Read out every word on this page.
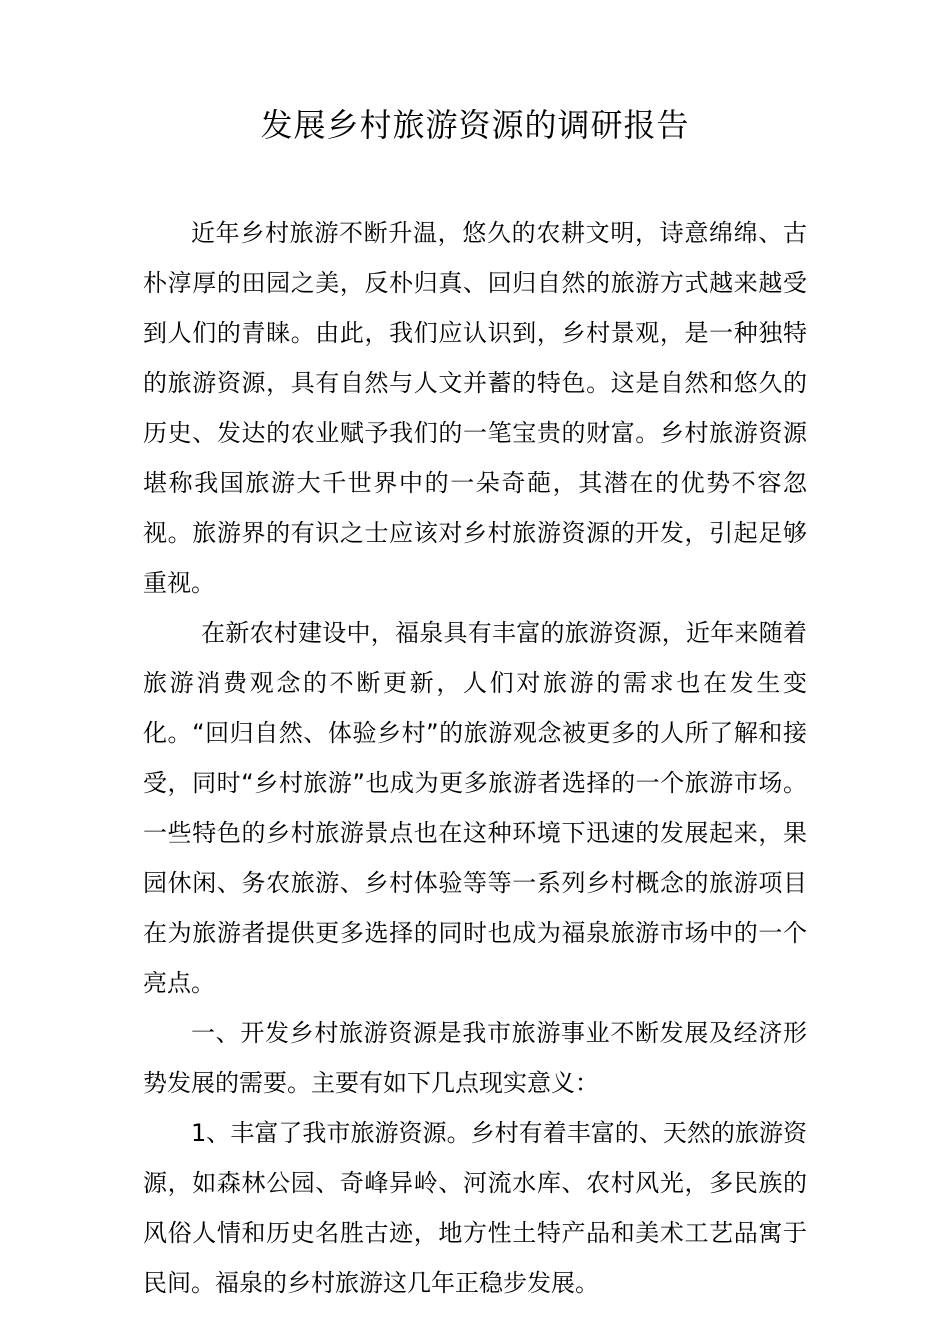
发展乡村旅游资源的调研报告

近年乡村旅游不断升温，悠久的农耕文明，诗意绵绵、古朴淳厚的田园之美，反朴归真、回归自然的旅游方式越来越受到人们的青睐。由此，我们应认识到，乡村景观，是一种独特的旅游资源，具有自然与人文并蓄的特色。这是自然和悠久的历史、发达的农业赋予我们的一笔宝贵的财富。乡村旅游资源堪称我国旅游大千世界中的一朵奇葩，其潜在的优势不容忽视。旅游界的有识之士应该对乡村旅游资源的开发，引起足够重视。

在新农村建设中，福泉具有丰富的旅游资源，近年来随着旅游消费观念的不断更新，人们对旅游的需求也在发生变化。“回归自然、体验乡村”的旅游观念被更多的人所了解和接受，同时“乡村旅游”也成为更多旅游者选择的一个旅游市场。一些特色的乡村旅游景点也在这种环境下迅速的发展起来，果园休闲、务农旅游、乡村体验等等一系列乡村概念的旅游项目在为旅游者提供更多选择的同时也成为福泉旅游市场中的一个亮点。

一、开发乡村旅游资源是我市旅游事业不断发展及经济形势发展的需要。主要有如下几点现实意义：

1、丰富了我市旅游资源。乡村有着丰富的、天然的旅游资源，如森林公园、奇峰异岭、河流水库、农村风光，多民族的风俗人情和历史名胜古迹，地方性土特产品和美术工艺品寓于民间。福泉的乡村旅游这几年正稳步发展。
